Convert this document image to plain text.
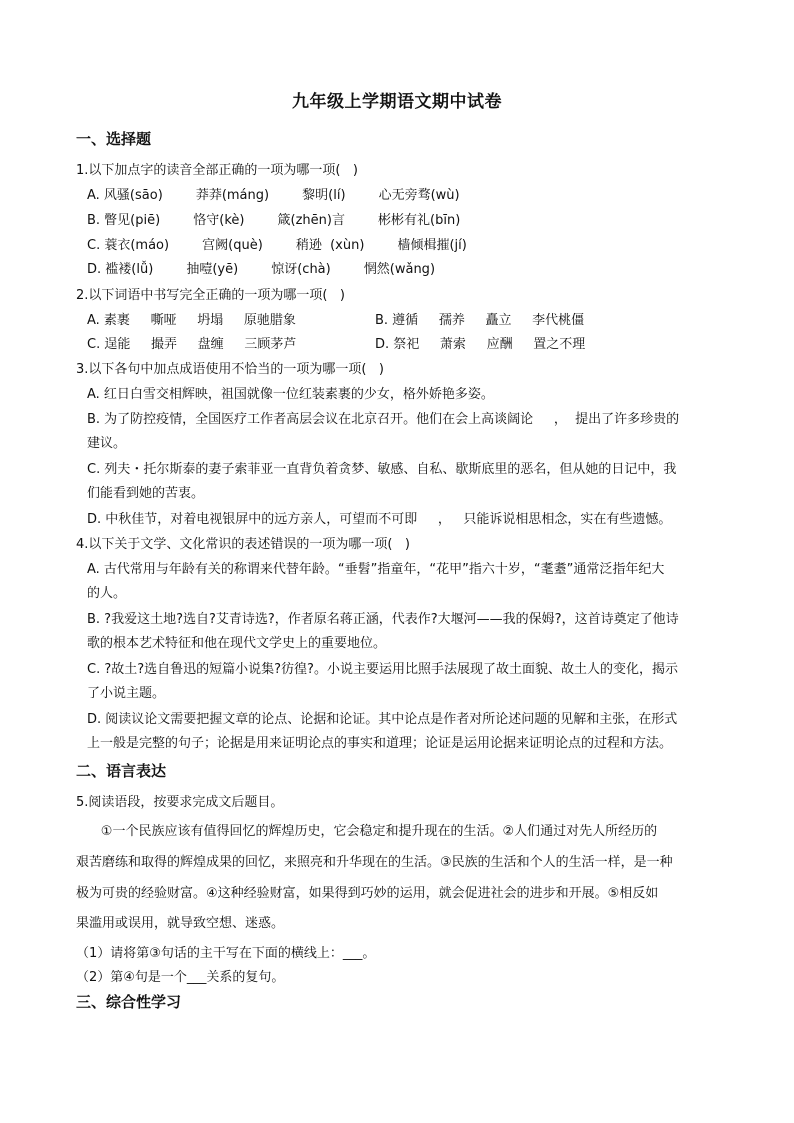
九年级上学期语文期中试卷
一、选择题
1.以下加点字的读音全部正确的一项为哪一项(   )
A. 风骚(sāo)        莽莽(máng)        黎明(lí)        心无旁骛(wù)
B. 瞥见(piē)        恪守(kè)        箴(zhēn)言        彬彬有礼(bīn)
C. 蓑衣(máo)        宫阙(què)        稍逊  (xùn)        樯倾楫摧(jí)
D. 褴褛(lǚ)        抽噎(yē)        惊讶(chà)        惘然(wǎng)
2.以下词语中书写完全正确的一项为哪一项(   )
A. 素裹     嘶哑     坍塌     原驰腊象	B. 遵循     孺养     矗立     李代桃僵
C. 逞能     撮弄     盘缠     三顾茅芦	D. 祭祀     萧索     应酬     置之不理
3.以下各句中加点成语使用不恰当的一项为哪一项(   )
A. 红日白雪交相辉映，祖国就像一位红装素裹的少女，格外娇艳多姿。
B. 为了防控疫情，全国医疗工作者高层会议在北京召开。他们在会上高谈阔论     ，  提出了许多珍贵的
建议。
C. 列夫・托尔斯泰的妻子索菲亚一直背负着贪梦、敏感、自私、歇斯底里的恶名，但从她的日记中，我
们能看到她的苦衷。
D. 中秋佳节，对着电视银屏中的远方亲人，可望而不可即     ，   只能诉说相思相念，实在有些遗憾。
4.以下关于文学、文化常识的表述错误的一项为哪一项(   )
A. 古代常用与年龄有关的称谓来代替年龄。“垂髫”指童年，“花甲”指六十岁，“耄耋”通常泛指年纪大
的人。
B. ?我爱这土地?选自?艾青诗选?，作者原名蒋正涵，代表作?大堰河——我的保姆?，这首诗奠定了他诗
歌的根本艺术特征和他在现代文学史上的重要地位。
C. ?故土?选自鲁迅的短篇小说集?彷徨?。小说主要运用比照手法展现了故土面貌、故土人的变化，揭示
了小说主题。
D. 阅读议论文需要把握文章的论点、论据和论证。其中论点是作者对所论述问题的见解和主张，在形式
上一般是完整的句子；论据是用来证明论点的事实和道理；论证是运用论据来证明论点的过程和方法。
二、语言表达
5.阅读语段，按要求完成文后题目。
①一个民族应该有值得回忆的辉煌历史，它会稳定和提升现在的生活。②人们通过对先人所经历的
艰苦磨练和取得的辉煌成果的回忆，来照亮和升华现在的生活。③民族的生活和个人的生活一样，是一种
极为可贵的经验财富。④这种经验财富，如果得到巧妙的运用，就会促进社会的进步和开展。⑤相反如
果滥用或误用，就导致空想、迷惑。
（1）请将第③句话的主干写在下面的横线上：___。
（2）第④句是一个___关系的复句。
三、综合性学习
